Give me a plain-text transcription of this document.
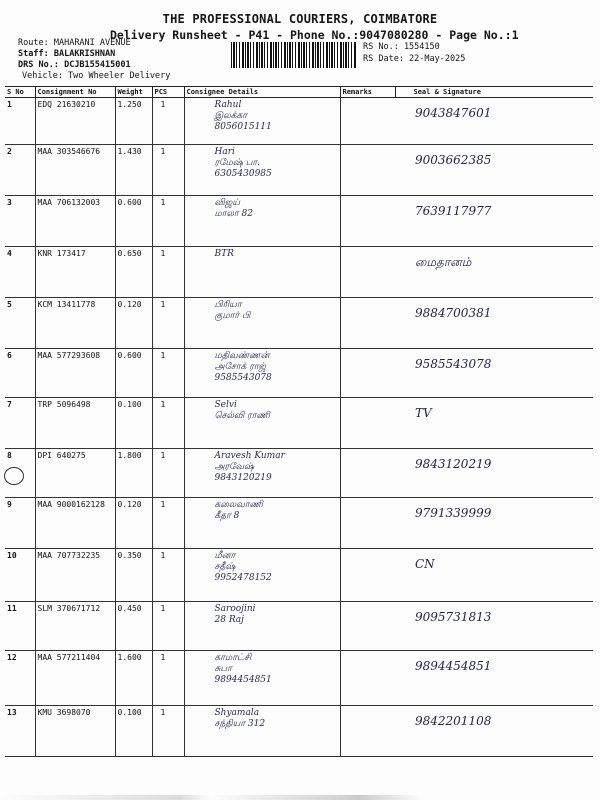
THE PROFESSIONAL COURIERS, COIMBATORE
Delivery Runsheet - P41 - Phone No.:9047080280 - Page No.:1
Route: MAHARANI AVENUE
Staff: BALAKRISHNAN
DRS No.: DCJB155415001
Vehicle: Two Wheeler Delivery
RS No.: 1554150
RS Date: 22-May-2025
S No	Consignment No	Weight	PCS	Consignee Details	Remarks	Seal & Signature
1	EDQ 21630210	1.250	1	Rahul
இலக்கா
8056015111		9043847601
2	MAA 303546676	1.430	1	Hari
ரமேஷ் பா.
6305430985		9003662385
3	MAA 706132003	0.600	1	விஜய்
மாலா 82		7639117977
4	KNR 173417	0.650	1	BTR		மைதானம்
5	KCM 13411778	0.120	1	பிரியா
குமார் பி		9884700381
6	MAA 577293608	0.600	1	மதிவண்ணன்
அசோக் ராஜ்
9585543078		9585543078
7	TRP 5096498	0.100	1	Selvi
செல்வி ராணி		TV
8	DPI 640275	1.800	1	Aravesh Kumar
அரவேஷ்
9843120219		9843120219
9	MAA 9000162128	0.120	1	கலைவாணி
கீதா 8		9791339999
10	MAA 707732235	0.350	1	மீனா
சதீஷ்
9952478152		CN
11	SLM 370671712	0.450	1	Saroojini
28 Raj		9095731813
12	MAA 577211404	1.600	1	காமாட்சி
சுபா
9894454851		9894454851
13	KMU 3698070	0.100	1	Shyamala
சந்தியா 312		9842201108
